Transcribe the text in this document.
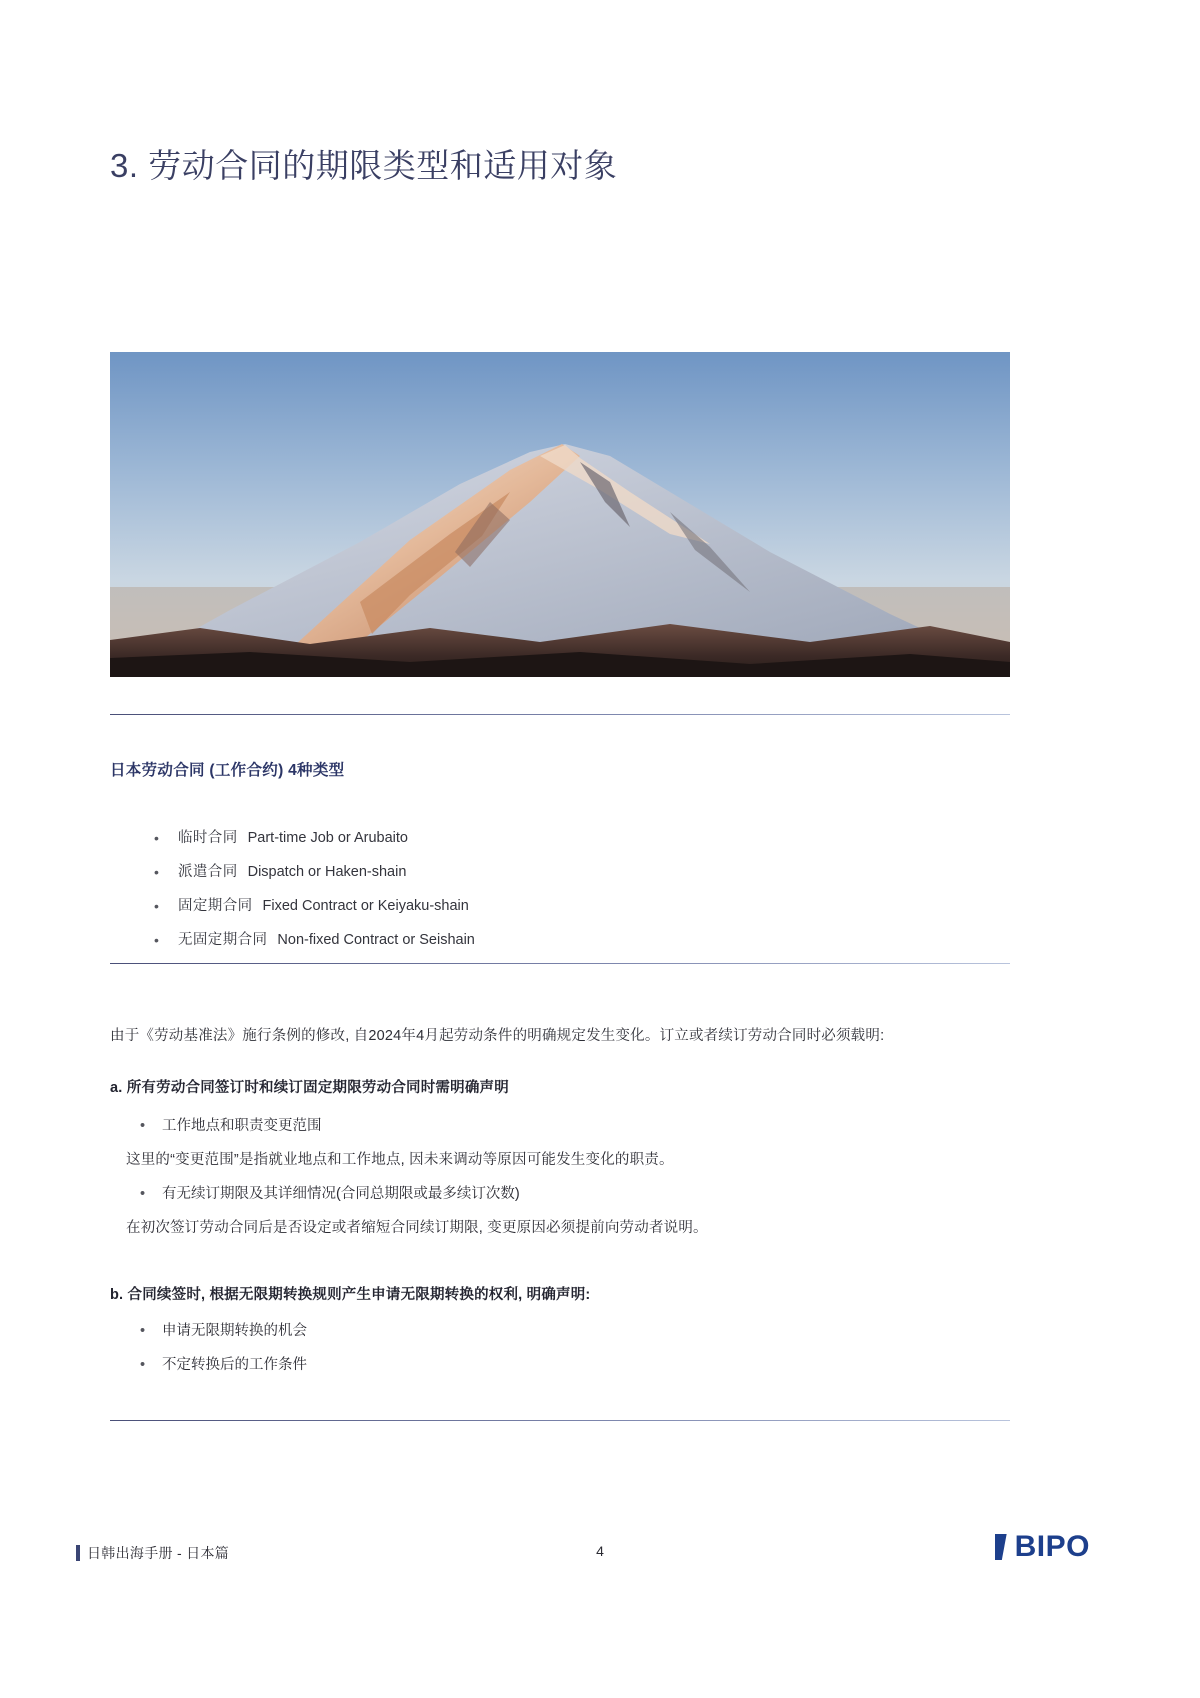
3. 劳动合同的期限类型和适用对象
日本劳动合同 (工作合约) 4种类型
• 临时合同 Part-time Job or Arubaito
• 派遣合同 Dispatch or Haken-shain
• 固定期合同 Fixed Contract or Keiyaku-shain
• 无固定期合同 Non-fixed Contract or Seishain

由于《劳动基准法》施行条例的修改, 自2024年4月起劳动条件的明确规定发生变化。订立或者续订劳动合同时必须载明:

a. 所有劳动合同签订时和续订固定期限劳动合同时需明确声明
• 工作地点和职责变更范围
这里的“变更范围”是指就业地点和工作地点, 因未来调动等原因可能发生变化的职责。
• 有无续订期限及其详细情况(合同总期限或最多续订次数)
在初次签订劳动合同后是否设定或者缩短合同续订期限, 变更原因必须提前向劳动者说明。
b. 合同续签时, 根据无限期转换规则产生申请无限期转换的权利, 明确声明:
• 申请无限期转换的机会
• 不定转换后的工作条件
日韩出海手册 - 日本篇	4	BIPO
